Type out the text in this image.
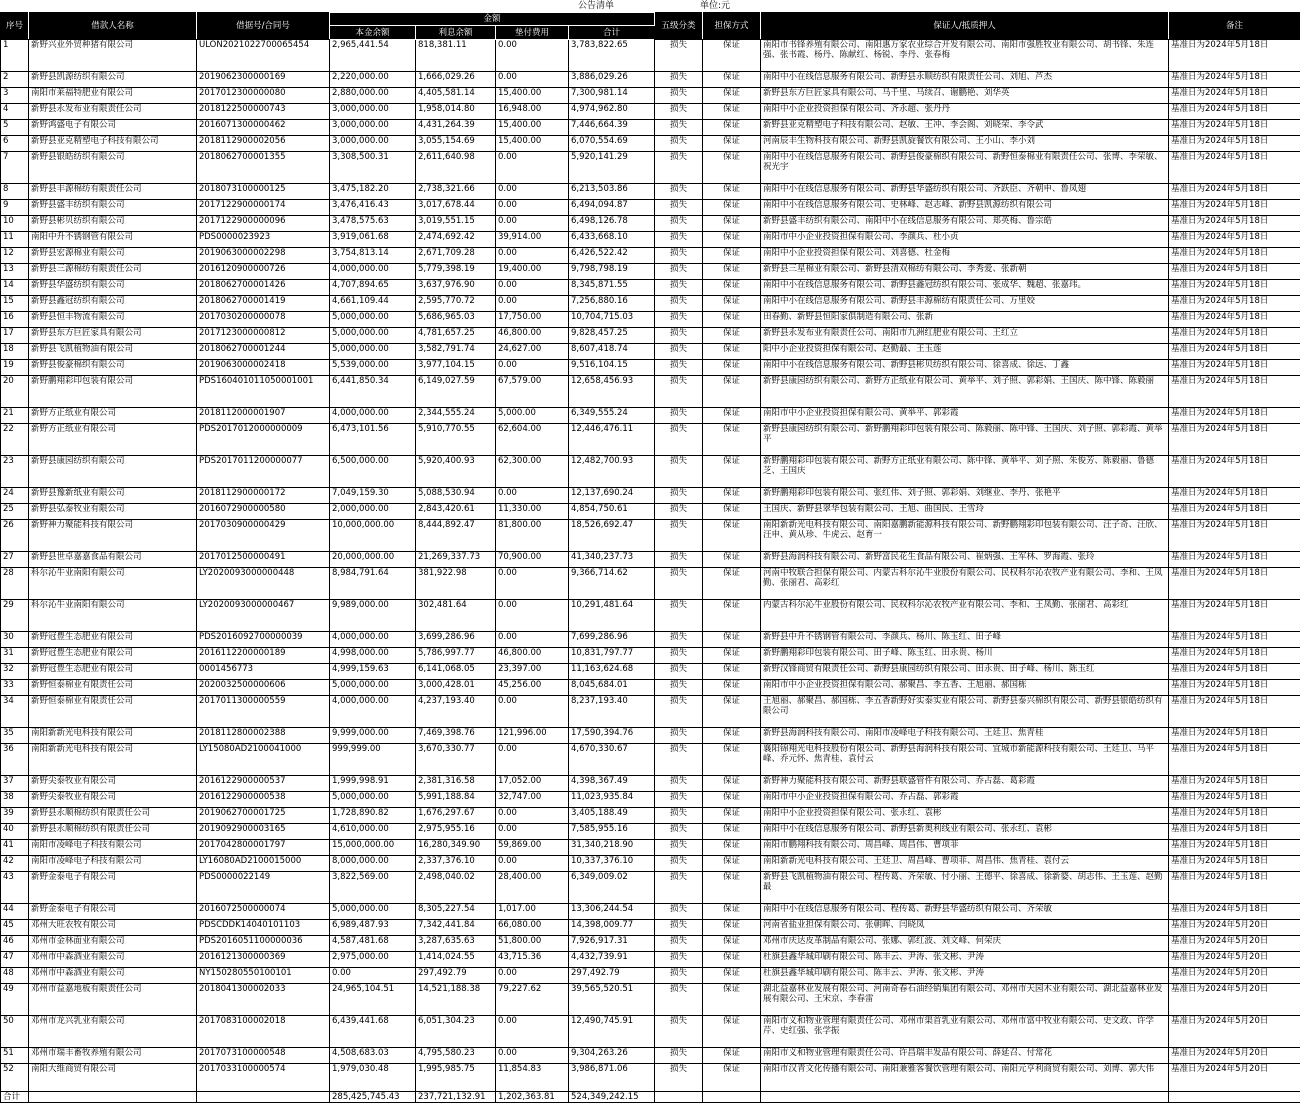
公告清单	单位:元
序号	借款人名称	借据号/合同号	金额				五级分类	担保方式	保证人/抵质押人	备注
			本金余额	利息余额	垫付费用	合计				
1	新野兴业外贸种猪有限公司	ULON2021022700065454	2,965,441.54	818,381.11	0.00	3,783,822.65	损失	保证	南阳市书锋养殖有限公司、南阳惠万家农业综合开发有限公司、南阳市强胜牧业有限公司、胡书锋、朱连强、张书霞、杨丹、陈献红、杨锐、李丹、张春梅	基准日为2024年5月18日
2	新野县凯源纺织有限公司	2019062300000169	2,220,000.00	1,666,029.26	0.00	3,886,029.26	损失	保证	南阳中小在线信息服务有限公司、新野县永顺纺织有限责任公司、刘旭、芦杰	基准日为2024年5月18日
3	南阳市莱福特肥业有限公司	2017012300000080	2,880,000.00	4,405,581.14	15,400.00	7,300,981.14	损失	保证	新野县东方巨匠家具有限公司、马千里、马续召、谢鹏艳、刘华英	基准日为2024年5月18日
4	新野县永发布业有限责任公司	2018122500000743	3,000,000.00	1,958,014.80	16,948.00	4,974,962.80	损失	保证	南阳中小企业投资担保有限公司、齐永超、张丹丹	基准日为2024年5月18日
5	新野鸿盛电子有限公司	2016071300000462	3,000,000.00	4,431,264.39	15,400.00	7,446,664.39	损失	保证	新野县亚克精塑电子科技有限公司、赵敏、王冲、李会阁、刘晓荣、李令武	基准日为2024年5月18日
6	新野县亚克精塑电子科技有限公司	2018112900002056	3,000,000.00	3,055,154.69	15,400.00	6,070,554.69	损失	保证	河南辰丰生物科技有限公司、新野县凯旋餐饮有限公司、王小山、李小刘	基准日为2024年5月18日
7	新野县银皓纺织有限公司	2018062700001355	3,308,500.31	2,611,640.98	0.00	5,920,141.29	损失	保证	南阳中小在线信息服务有限公司、新野县俊豪棉织有限公司、新野恒泰棉业有限责任公司、张博、李荣敏、祝光宇	基准日为2024年5月18日
8	新野县丰源棉纺有限责任公司	2018073100000125	3,475,182.20	2,738,321.66	0.00	6,213,503.86	损失	保证	南阳中小在线信息服务有限公司、新野县华盛纺织有限公司、齐跃臣、齐朝申、鲁凤翅	基准日为2024年5月18日
9	新野县盛丰纺织有限公司	2017122900000174	3,476,416.43	3,017,678.44	0.00	6,494,094.87	损失	保证	南阳中小在线信息服务有限公司、史林峰、赵志峰、新野县凯源纺织有限公司	基准日为2024年5月18日
10	新野县彬贝纺织有限公司	2017122900000096	3,478,575.63	3,019,551.15	0.00	6,498,126.78	损失	保证	新野县盛丰纺织有限公司、南阳中小在线信息服务有限公司、郑英梅、鲁宗皓	基准日为2024年5月18日
11	南阳中升不锈钢管有限公司	PDS0000023923	3,919,061.68	2,474,692.42	39,914.00	6,433,668.10	损失	保证	南阳市中小企业投资担保有限公司、李颜兵、杜小贞	基准日为2024年5月18日
12	新野县宏源棉业有限公司	2019063000002298	3,754,813.14	2,671,709.28	0.00	6,426,522.42	损失	保证	南阳中小企业投资担保有限公司、刘喜德、杜金梅	基准日为2024年5月18日
13	新野县三源棉纺有限责任公司	2016120900000726	4,000,000.00	5,779,398.19	19,400.00	9,798,798.19	损失	保证	新野县三星棉业有限公司、新野县清双棉纺有限公司、李秀爱、张新朝	基准日为2024年5月18日
14	新野县华盛纺织有限公司	2018062700001426	4,707,894.65	3,637,976.90	0.00	8,345,871.55	损失	保证	南阳中小在线信息服务有限公司、新野县鑫冠纺织有限公司、张成华、魏超、张嘉玮。	基准日为2024年5月18日
15	新野县鑫冠纺织有限公司	2018062700001419	4,661,109.44	2,595,770.72	0.00	7,256,880.16	损失	保证	南阳中小在线信息服务有限公司、新野县丰源棉纺有限责任公司、万里姣	基准日为2024年5月18日
16	新野县恒丰物流有限公司	2017030200000078	5,000,000.00	5,686,965.03	17,750.00	10,704,715.03	损失	保证	田春勤、新野县恒阳家俱制造有限公司、张新	基准日为2024年5月18日
17	新野县东方巨匠家具有限公司	2017123000000812	5,000,000.00	4,781,657.25	46,800.00	9,828,457.25	损失	保证	新野县永发布业有限责任公司、南阳市九洲红肥业有限公司、王红立	基准日为2024年5月18日
18	新野县飞凯植物油有限公司	2018062700001244	5,000,000.00	3,582,791.74	24,627.00	8,607,418.74	损失	保证	阳中小企业投资担保有限公司、赵勤最、王玉莲	基准日为2024年5月18日
19	新野县俊豪棉织有限公司	2019063000002418	5,539,000.00	3,977,104.15	0.00	9,516,104.15	损失	保证	南阳中小在线信息服务有限公司、新野县彬贝纺织有限公司、徐喜成、徐远、丁鑫	基准日为2024年5月18日
20	新野鹏翔彩印包装有限公司	PDS160401011050001001	6,441,850.34	6,149,027.59	67,579.00	12,658,456.93	损失	保证	新野县康园纺织有限公司、新野方正纸业有限公司、黄举平、刘子照、郭彩娟、王国庆、陈中锋、陈毅丽	基准日为2024年5月18日
21	新野方正纸业有限公司	2018112000001907	4,000,000.00	2,344,555.24	5,000.00	6,349,555.24	损失	保证	南阳市中小企业投资担保有限公司、黄举平、郭彩霞	基准日为2024年5月18日
22	新野方正纸业有限公司	PDS2017012000000009	6,473,101.56	5,910,770.55	62,604.00	12,446,476.11	损失	保证	新野县康园纺织有限公司、新野鹏翔彩印包装有限公司、陈毅丽、陈中锋、王国庆、刘子照、郭彩霞、黄举平	基准日为2024年5月18日
23	新野县康园纺织有限公司	PDS2017011200000077	6,500,000.00	5,920,400.93	62,300.00	12,482,700.93	损失	保证	新野鹏翔彩印包装有限公司、新野方正纸业有限公司、陈中锋、黄举平、刘子照、朱俊芳、陈毅丽、鲁德芝、王国庆	基准日为2024年5月18日
24	新野县豫新纸业有限公司	2018112900000172	7,049,159.30	5,088,530.94	0.00	12,137,690.24	损失	保证	新野鹏翔彩印包装有限公司、张红伟、刘子照、郭彩娟、刘继业、李丹、张艳平	基准日为2024年5月18日
25	新野县弘泰牧业有限公司	2016072900000580	2,000,000.00	2,843,420.61	11,330.00	4,854,750.61	损失	保证	王国庆、新野县翠华包装有限公司、王旭、曲国民、王雪玲	基准日为2024年5月18日
26	新野神力聚能科技有限公司	2017030900000429	10,000,000.00	8,444,892.47	81,800.00	18,526,692.47	损失	保证	南阳新新光电科技有限公司、南阳嘉鹏新能源科技有限公司、新野鹏翔彩印包装有限公司、汪子奇、汪欣、汪申、黄从珍、牛虎云、赵育一	基准日为2024年5月18日
27	新野县世卓嘉嘉食品有限公司	2017012500000491	20,000,000.00	21,269,337.73	70,900.00	41,340,237.73	损失	保证	新野县海润科技有限公司、新野富民花生食品有限公司、崔炳强、王军林、罗海霞、张玲	基准日为2024年5月18日
28	科尔沁牛业南阳有限公司	LY2020093000000448	8,984,791.64	381,922.98	0.00	9,366,714.62	损失	保证	河南中牧联合担保有限公司、内蒙古科尔沁牛业股份有限公司、民权科尔沁农牧产业有限公司、李和、王凤勤、张丽君、高彩红	基准日为2024年5月18日
29	科尔沁牛业南阳有限公司	LY2020093000000467	9,989,000.00	302,481.64	0.00	10,291,481.64	损失	保证	内蒙古科尔沁牛业股份有限公司、民权科尔沁农牧产业有限公司、李和、王凤勤、张丽君、高彩红	基准日为2024年5月18日
30	新野冠豊生态肥业有限公司	PDS2016092700000039	4,000,000.00	3,699,286.96	0.00	7,699,286.96	损失	保证	新野县中升不锈钢管有限公司、李颜兵、杨川、陈玉红、田子峰	基准日为2024年5月18日
31	新野冠豊生态肥业有限公司	2016112200000189	4,998,000.00	5,786,997.77	46,800.00	10,831,797.77	损失	保证	新野鹏翔彩印包装有限公司、田子峰、陈玉红、田永贵、杨川	基准日为2024年5月18日
32	新野冠豊生态肥业有限公司	0001456773	4,999,159.63	6,141,068.05	23,397.00	11,163,624.68	损失	保证	新野汉锋商贸有限责任公司、新野县康园纺织有限公司、田永贵、田子峰、杨川、陈玉红	基准日为2024年5月18日
33	新野恒泰棉业有限责任公司	2020032500000606	5,000,000.00	3,000,428.01	45,256.00	8,045,684.01	损失	保证	南阳市中小企业投资担保有限公司、郝聚昌、李五香、王旭丽、郝国栋	基准日为2024年5月18日
34	新野恒泰棉业有限责任公司	2017011300000559	4,000,000.00	4,237,193.40	0.00	8,237,193.40	损失	保证	王旭丽、郝聚昌、郝国栋、李五香新野好实泰实业有限公司、新野县泰兴棉织有限公司、新野县银皓纺织有限公司	基准日为2024年5月18日
35	南阳新新光电科技有限公司	2018112800002388	9,999,000.00	7,469,398.76	121,996.00	17,590,394.76	损失	保证	新野县海润科技有限公司、南阳市凌峰电子科技有限公司、王廷卫、焦青桂	基准日为2024年5月18日
36	南阳新新光电科技有限公司	LY15080AD2100041000	999,999.00	3,670,330.77	0.00	4,670,330.67	损失	保证	襄阳锦翔光电科技股份有限公司、新野县海润科技有限公司、宜城市新能源科技有限公司、王廷卫、马平峰、乔元怀、焦青桂、袁付云	基准日为2024年5月18日
37	新野尖泰牧业有限公司	2016122900000537	1,999,998.91	2,381,316.58	17,052.00	4,398,367.49	损失	保证	新野神力聚能科技有限公司、新野县联盛管件有限公司、乔占磊、葛彩霞	基准日为2024年5月18日
38	新野尖泰牧业有限公司	2016122900000538	5,000,000.00	5,991,188.84	32,747.00	11,023,935.84	损失	保证	南阳市中小企业投资担保有限公司、乔占磊、郭彩霞	基准日为2024年5月18日
39	新野县永顺棉纺织有限责任公司	2019062700001725	1,728,890.82	1,676,297.67	0.00	3,405,188.49	损失	保证	南阳中小企业投资担保有限公司、张永红、袁彬	基准日为2024年5月18日
40	新野县永顺棉纺织有限责任公司	2019092900003165	4,610,000.00	2,975,955.16	0.00	7,585,955.16	损失	保证	南阳中小在线信息服务有限公司、新野县新奥利线业有限公司、张永红、袁彬	基准日为2024年5月18日
41	南阳市凌峰电子科技有限公司	2017042800001797	15,000,000.00	16,280,349.90	59,869.00	31,340,218.90	损失	保证	南阳市鹏翔科技有限公司、周昌峰、周昌伟、曹项菲	基准日为2024年5月18日
42	南阳市凌峰电子科技有限公司	LY16080AD2100015000	8,000,000.00	2,337,376.10	0.00	10,337,376.10	损失	保证	南阳新新光电科技有限公司、王廷卫、周昌峰、曹项菲、周昌伟、焦青桂、袁付云	基准日为2024年5月18日
43	新野金泰电子有限公司	PDS0000022149	3,822,569.00	2,498,040.02	28,400.00	6,349,009.02	损失	保证	新野县飞凯植物油有限公司、程传葛、齐荣敏、付小丽、王德平、徐喜成、徐新婆、胡志伟、王玉莲、赵勤最	基准日为2024年5月18日
44	新野金泰电子有限公司	2016072500000074	5,000,000.00	8,305,227.54	1,017.00	13,306,244.54	损失	保证	南阳中小在线信息服务有限公司、程传葛、新野县华盛纺织有限公司、齐荣敏	基准日为2024年5月18日
45	邓州大旺农牧有限公司	PDSCDDK14040101103	6,989,487.93	7,342,441.84	66,080.00	14,398,009.77	损失	保证	河南省盐业担保有限公司、张朝晖、闫晓凤	基准日为2024年5月20日
46	邓州市金林面业有限公司	PDS2016051100000036	4,587,481.68	3,287,635.63	51,800.00	7,926,917.31	损失	保证	邓州市庆达皮革制品有限公司、张娜、郭红波、刘文峰、何荣庆	基准日为2024年5月20日
47	邓州市中森酒业有限公司	2016121300000369	2,975,000.00	1,414,024.55	43,715.36	4,432,739.91	损失	保证	杜旗县鑫华城印刷有限公司、陈丰云、尹涛、张文彬、尹涛	基准日为2024年5月20日
48	邓州市中森酒业有限公司	NY150280550100101	0.00	297,492.79	0.00	297,492.79	损失	保证	杜旗县鑫华城印刷有限公司、陈丰云、尹涛、张文彬、尹涛	基准日为2024年5月20日
49	邓州市益嘉地板有限责任公司	2018041300002033	24,965,104.51	14,521,188.38	79,227.62	39,565,520.51	损失	保证	湖北益嘉林业发展有限公司、河南奇春石油经销集团有限公司、邓州市天园木业有限公司、湖北益嘉林业发展有限公司、王宋京、李春雷	基准日为2024年5月20日
50	邓州市龙兴乳业有限公司	2017083100002018	6,439,441.68	6,051,304.23	0.00	12,490,745.91	损失	保证	南阳市义和物业管理有限责任公司、邓州市渠首乳业有限公司、邓州市富中牧业有限公司、史文政、许学芹、史红强、张学振	基准日为2024年5月20日
51	邓州市瑞丰畜牧养殖有限公司	2017073100000548	4,508,683.03	4,795,580.23	0.00	9,304,263.26	损失	保证	南阳市义和物业管理有限责任公司、许昌瑞丰发品有限公司、薛延召、付常花	基准日为2024年5月20日
52	南阳大维商贸有限公司	2017033100000574	1,979,030.48	1,995,985.75	11,854.83	3,986,871.06	损失	保证	南阳市汉青文化传播有限公司、南阳兼雅客餐饮管理有限公司、南阳元亨利商贸有限公司、刘博、郭大伟	基准日为2024年5月20日
合计			285,425,745.43	237,721,132.91	1,202,363.81	524,349,242.15				
